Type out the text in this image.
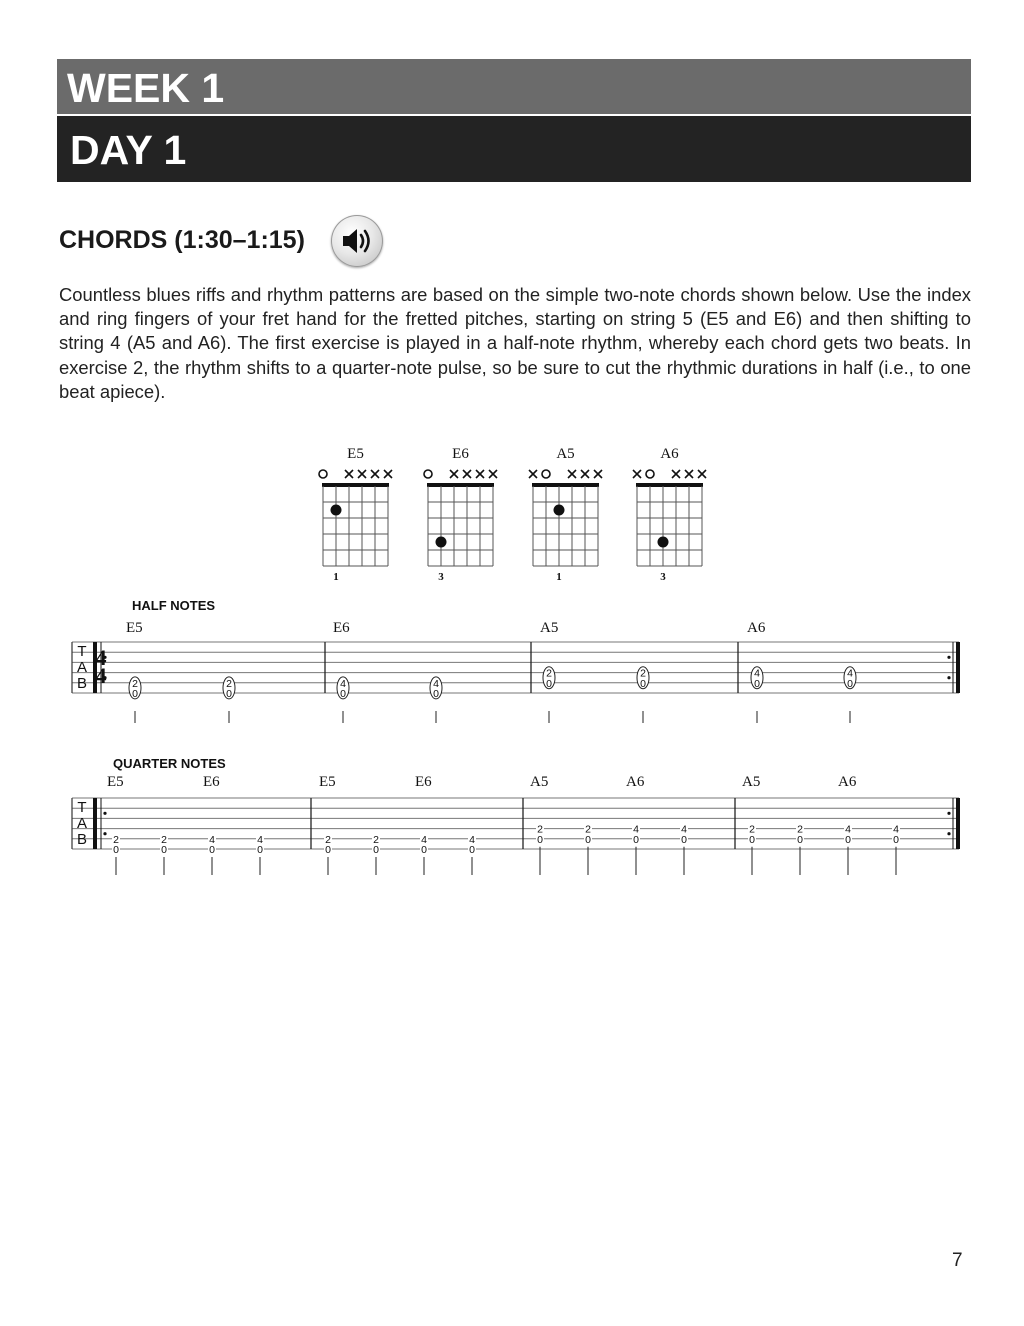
WEEK 1
DAY 1
CHORDS (1:30–1:15)
Countless blues riffs and rhythm patterns are based on the simple two-note chords shown below. Use the index and ring fingers of your fret hand for the fretted pitches, starting on string 5 (E5 and E6) and then shifting to string 4 (A5 and A6). The first exercise is played in a half-note rhythm, whereby each chord gets two beats. In exercise 2, the rhythm shifts to a quarter-note pulse, so be sure to cut the rhythmic durations in half (i.e., to one beat apiece).
E5
1
E6
3
A5
1
A6
3
HALF NOTES
T
A
B
4
4
E5
2
0
2
0
E6
4
0
4
0
A5
2
0
2
0
A6
4
0
4
0
QUARTER NOTES
T
A
B
E5	E6
2
0
2
0
4
0
4
0
E5	E6
2
0
2
0
4
0
4
0
A5	A6
2
0
2
0
4
0
4
0
A5	A6
2
0
2
0
4
0
4
0
7
